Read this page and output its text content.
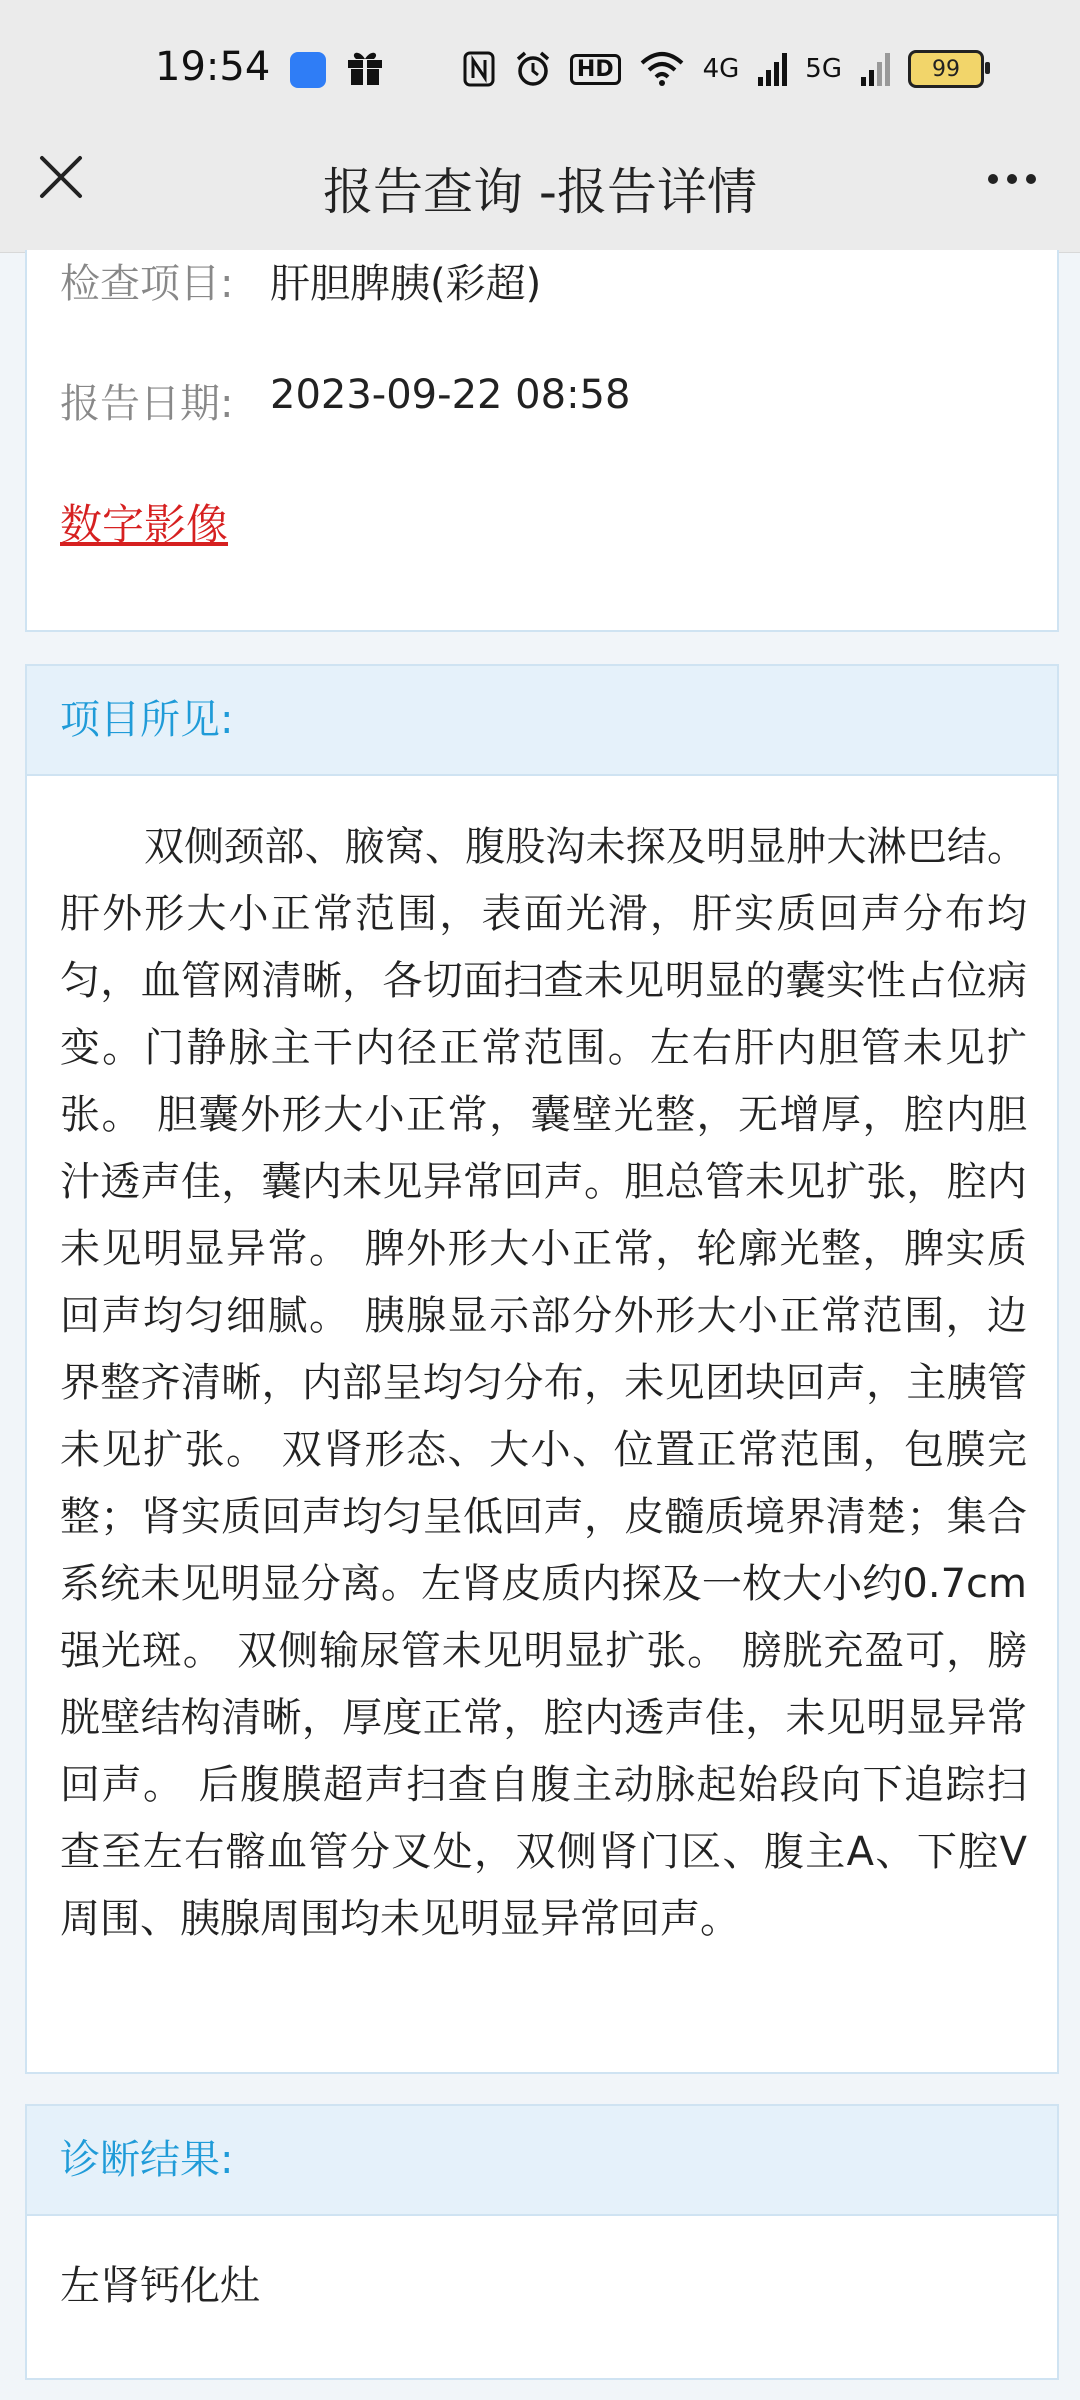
19:54	HD	4G	5G	99
报告查询 -报告详情
检查项目: 肝胆脾胰(彩超)
报告日期: 2023-09-22 08:58
数字影像
项目所见:
双侧颈部、腋窝、腹股沟未探及明显肿大淋巴结。 肝外形大小正常范围，表面光滑，肝实质回声分布均匀，血管网清晰，各切面扫查未见明显的囊实性占位病变。门静脉主干内径正常范围。左右肝内胆管未见扩张。 胆囊外形大小正常，囊壁光整，无增厚，腔内胆汁透声佳，囊内未见异常回声。胆总管未见扩张，腔内未见明显异常。 脾外形大小正常，轮廓光整，脾实质回声均匀细腻。 胰腺显示部分外形大小正常范围，边界整齐清晰，内部呈均匀分布，未见团块回声，主胰管未见扩张。 双肾形态、大小、位置正常范围，包膜完整；肾实质回声均匀呈低回声，皮髓质境界清楚；集合系统未见明显分离。左肾皮质内探及一枚大小约0.7cm强光斑。 双侧输尿管未见明显扩张。 膀胱充盈可，膀胱壁结构清晰，厚度正常，腔内透声佳，未见明显异常回声。 后腹膜超声扫查自腹主动脉起始段向下追踪扫查至左右髂血管分叉处，双侧肾门区、腹主A、下腔V周围、胰腺周围均未见明显异常回声。
诊断结果:
左肾钙化灶
